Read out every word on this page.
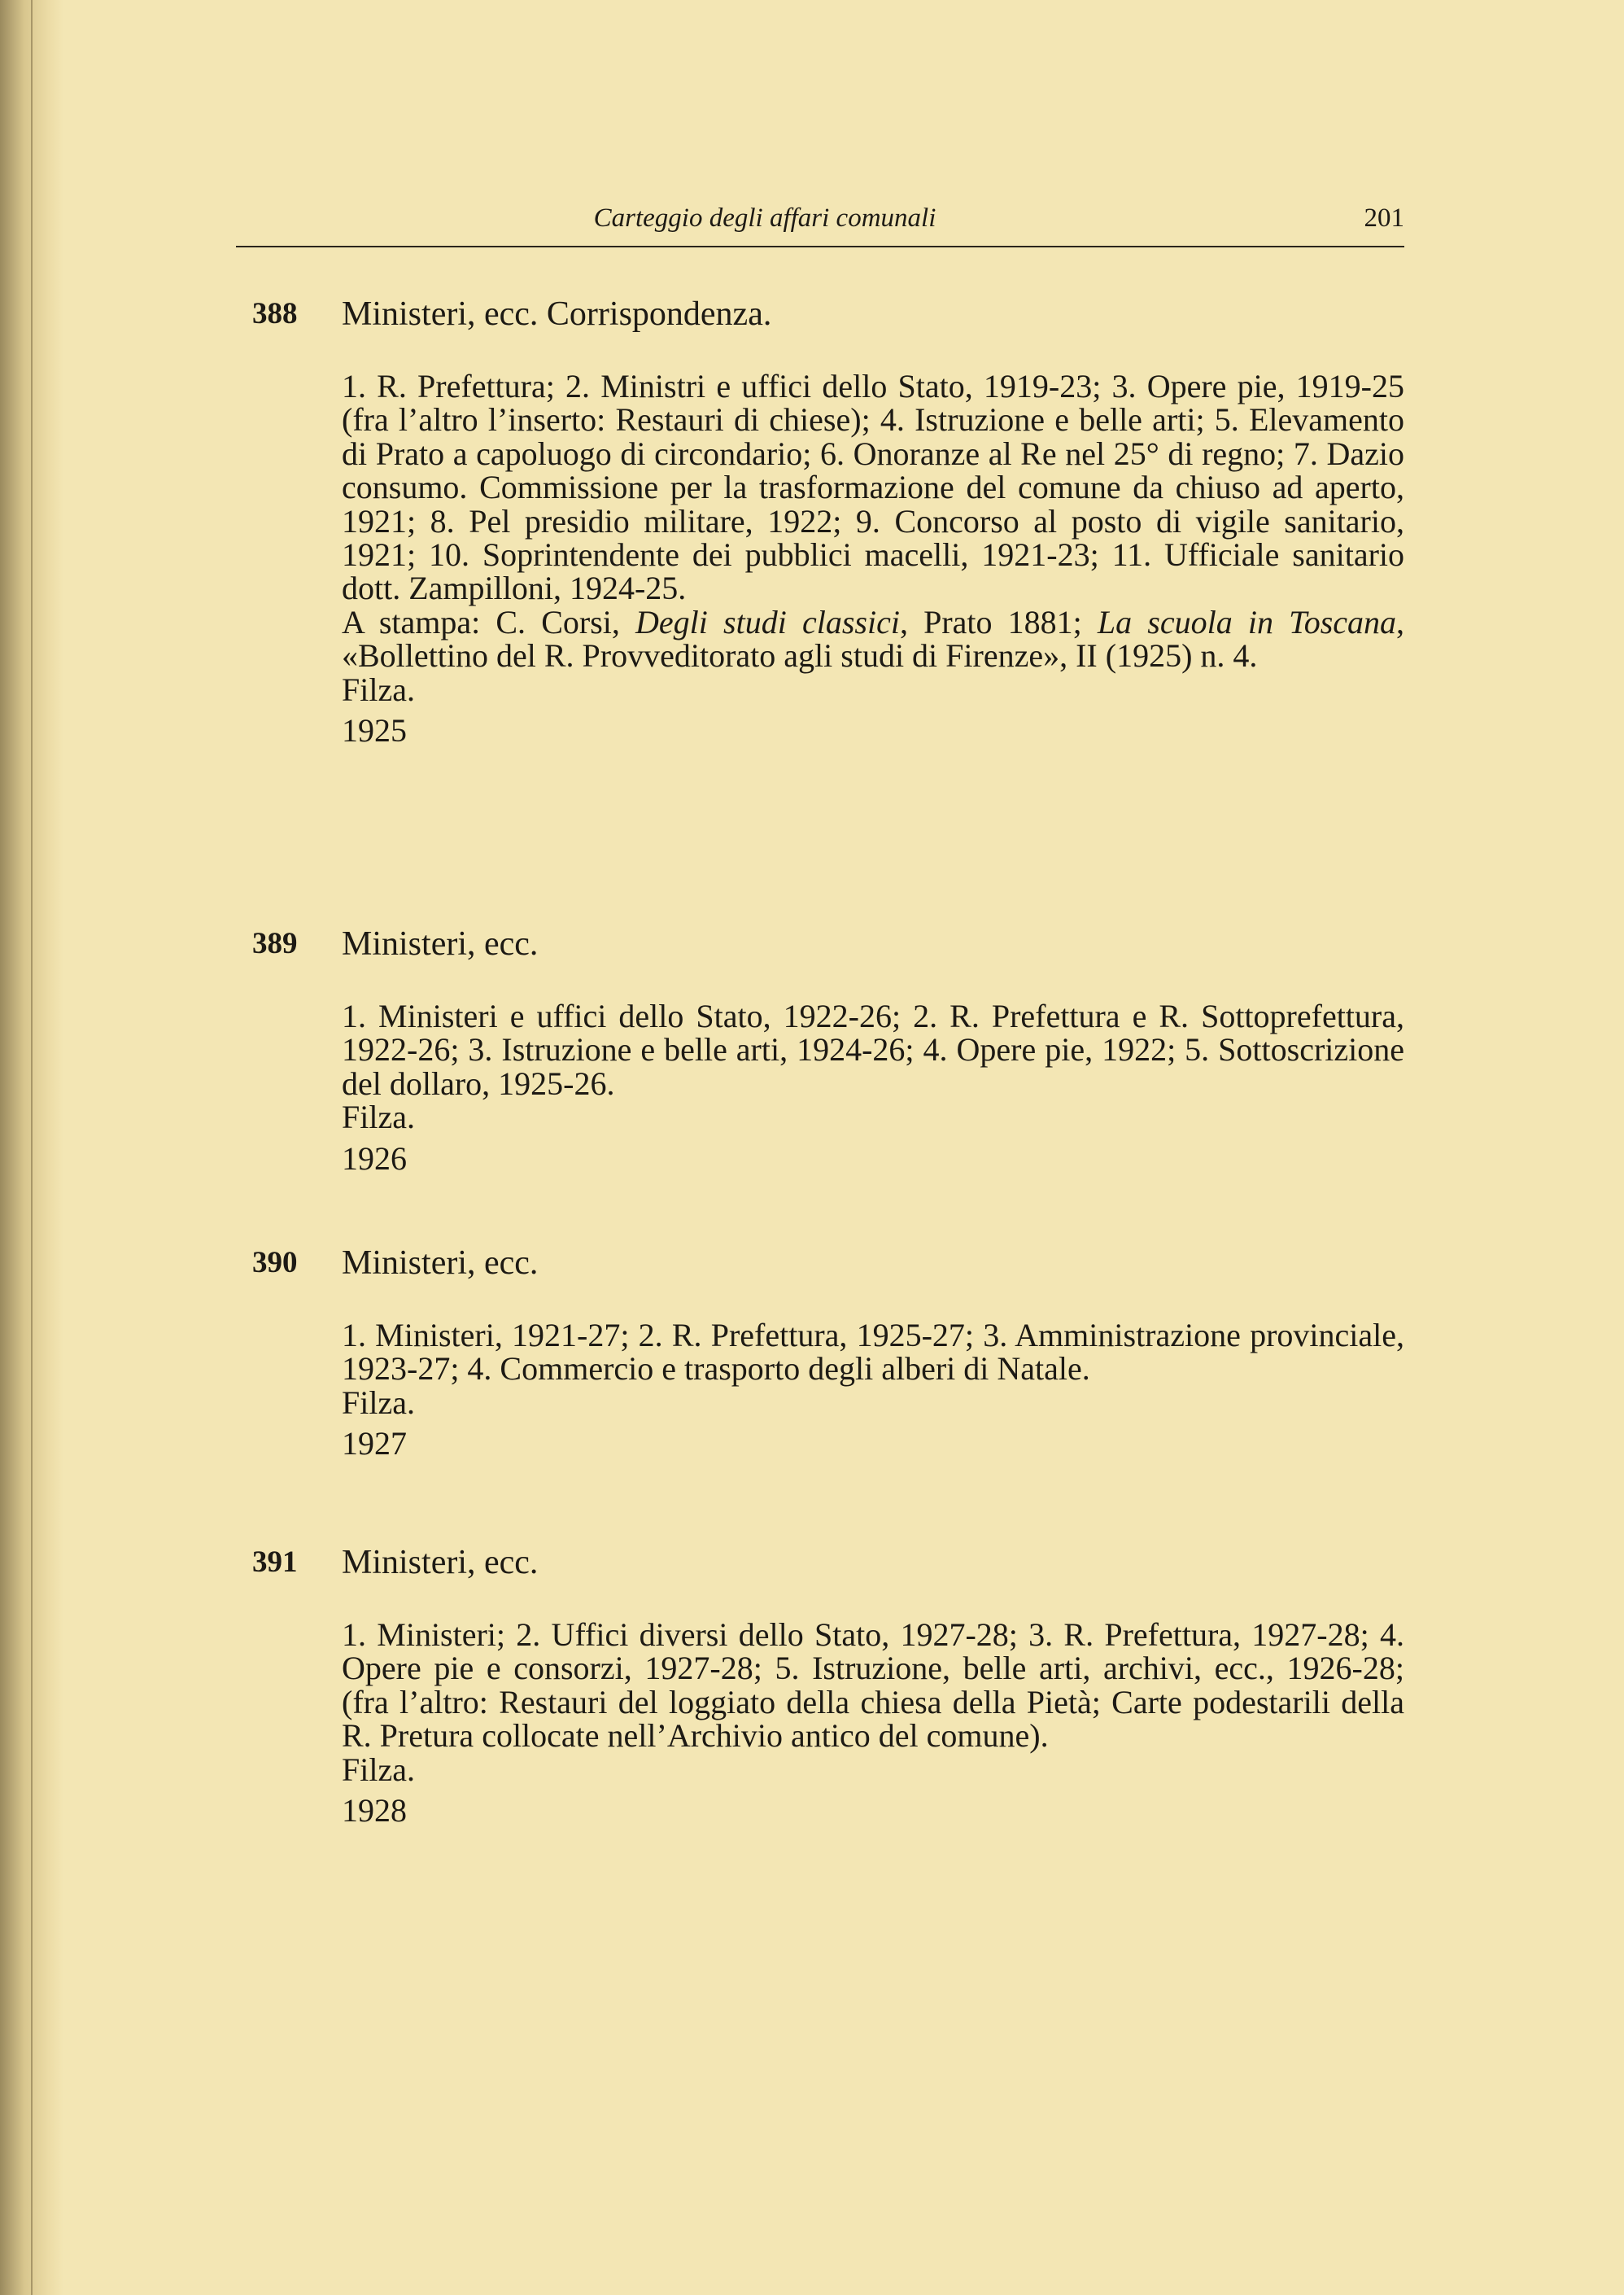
Carteggio degli affari comunali	201
388	Ministeri, ecc. Corrispondenza.

1. R. Prefettura; 2. Ministri e uffici dello Stato, 1919-23; 3. Opere pie, 1919-25 (fra l’altro l’inserto: Restauri di chiese); 4. Istruzione e belle arti; 5. Elevamento di Prato a capoluogo di circondario; 6. Onoranze al Re nel 25° di regno; 7. Dazio consumo. Commissione per la trasformazione del comune da chiuso ad aperto, 1921; 8. Pel presidio militare, 1922; 9. Concorso al posto di vigile sanitario, 1921; 10. Soprintendente dei pubblici macelli, 1921-23; 11. Ufficiale sanitario dott. Zampilloni, 1924-25.

A stampa: C. Corsi, Degli studi classici, Prato 1881; La scuola in Toscana, «Bollettino del R. Provveditorato agli studi di Firenze», II (1925) n. 4.

Filza.

1925

389	Ministeri, ecc.

1. Ministeri e uffici dello Stato, 1922-26; 2. R. Prefettura e R. Sottoprefettura, 1922-26; 3. Istruzione e belle arti, 1924-26; 4. Opere pie, 1922; 5. Sottoscrizione del dollaro, 1925-26.

Filza.

1926

390	Ministeri, ecc.

1. Ministeri, 1921-27; 2. R. Prefettura, 1925-27; 3. Amministrazione provinciale, 1923-27; 4. Commercio e trasporto degli alberi di Natale.

Filza.

1927

391	Ministeri, ecc.

1. Ministeri; 2. Uffici diversi dello Stato, 1927-28; 3. R. Prefettura, 1927-28; 4. Opere pie e consorzi, 1927-28; 5. Istruzione, belle arti, archivi, ecc., 1926-28; (fra l’altro: Restauri del loggiato della chiesa della Pietà; Carte podestarili della R. Pretura collocate nell’Archivio antico del comune).

Filza.

1928
